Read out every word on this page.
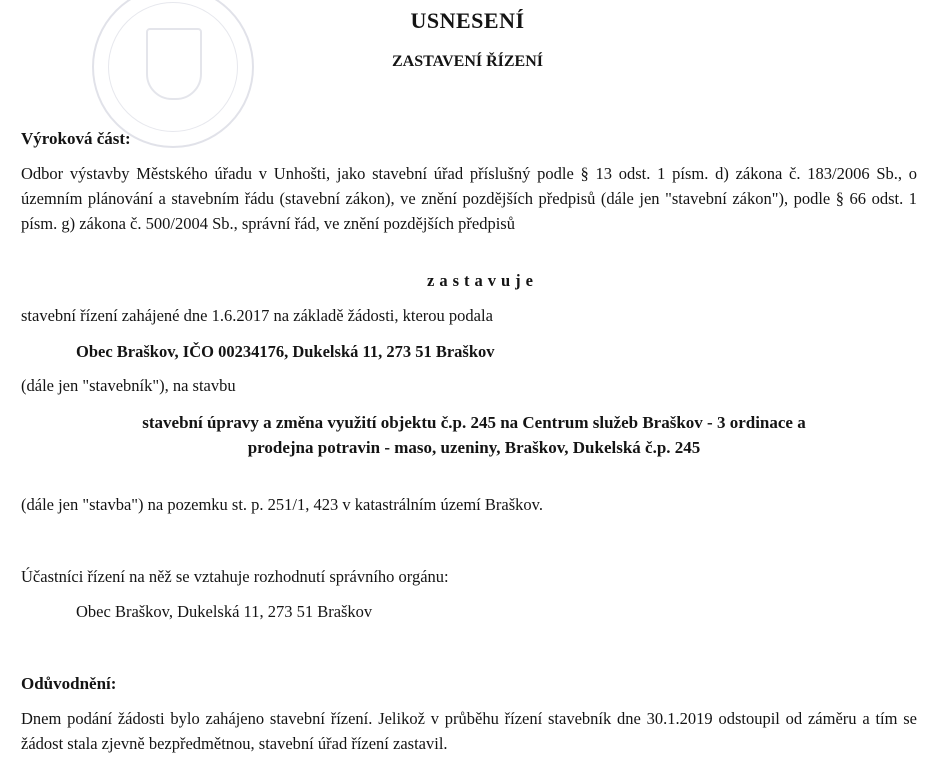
USNESENÍ
ZASTAVENÍ ŘÍZENÍ
Výroková část:
Odbor výstavby Městského úřadu v Unhošti, jako stavební úřad příslušný podle § 13 odst. 1 písm. d) zákona č. 183/2006 Sb., o územním plánování a stavebním řádu (stavební zákon), ve znění pozdějších předpisů (dále jen "stavební zákon"), podle § 66 odst. 1 písm. g) zákona č. 500/2004 Sb., správní řád, ve znění pozdějších předpisů
zastavuje
stavební řízení zahájené dne 1.6.2017 na základě žádosti, kterou podala
Obec Braškov, IČO 00234176, Dukelská 11, 273 51 Braškov
(dále jen "stavebník"), na stavbu
stavební úpravy a změna využití objektu č.p. 245 na Centrum služeb Braškov - 3 ordinace a
prodejna potravin - maso, uzeniny, Braškov, Dukelská č.p. 245
(dále jen "stavba") na pozemku st. p. 251/1, 423 v katastrálním území Braškov.
Účastníci řízení na něž se vztahuje rozhodnutí správního orgánu:
Obec Braškov, Dukelská 11, 273 51 Braškov
Odůvodnění:
Dnem podání žádosti bylo zahájeno stavební řízení. Jelikož v průběhu řízení stavebník dne 30.1.2019 odstoupil od záměru a tím se žádost stala zjevně bezpředmětnou, stavební úřad řízení zastavil.
